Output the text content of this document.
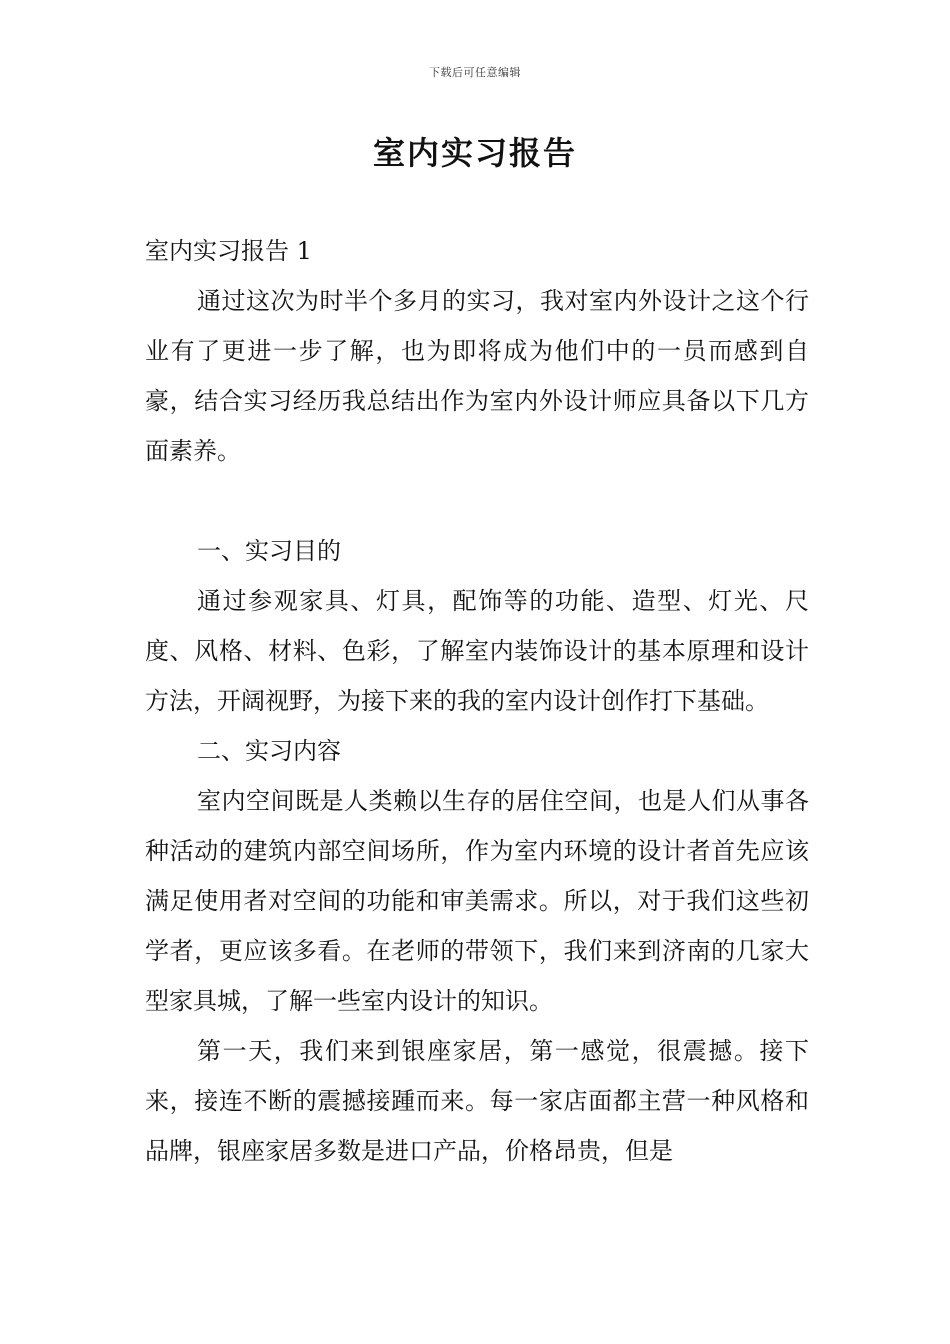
下载后可任意编辑
室内实习报告

室内实习报告 1

通过这次为时半个多月的实习，我对室内外设计之这个行业有了更进一步了解，也为即将成为他们中的一员而感到自豪，结合实习经历我总结出作为室内外设计师应具备以下几方面素养。

一、实习目的

通过参观家具、灯具，配饰等的功能、造型、灯光、尺度、风格、材料、色彩，了解室内装饰设计的基本原理和设计方法，开阔视野，为接下来的我的室内设计创作打下基础。

二、实习内容

室内空间既是人类赖以生存的居住空间，也是人们从事各种活动的建筑内部空间场所，作为室内环境的设计者首先应该满足使用者对空间的功能和审美需求。所以，对于我们这些初学者，更应该多看。在老师的带领下，我们来到济南的几家大型家具城，了解一些室内设计的知识。

第一天，我们来到银座家居，第一感觉，很震撼。接下来，接连不断的震撼接踵而来。每一家店面都主营一种风格和品牌，银座家居多数是进口产品，价格昂贵，但是
